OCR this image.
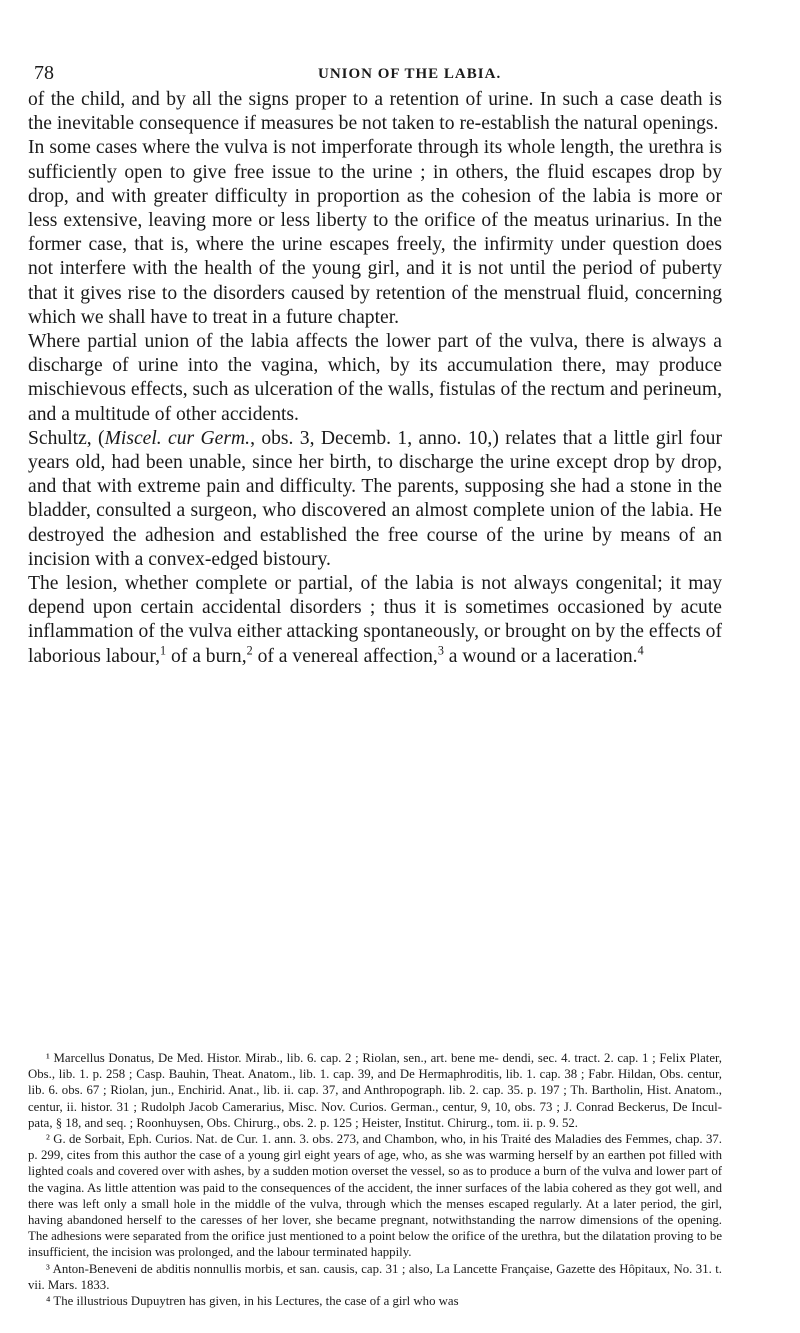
78	UNION OF THE LABIA.

of the child, and by all the signs proper to a retention of urine. In such a case death is the inevitable consequence if measures be not taken to re-establish the natural openings.

In some cases where the vulva is not imperforate through its whole length, the urethra is sufficiently open to give free issue to the urine ; in others, the fluid escapes drop by drop, and with greater difficulty in proportion as the cohesion of the labia is more or less extensive, leaving more or less liberty to the orifice of the meatus urinarius. In the former case, that is, where the urine escapes freely, the infirmity under question does not interfere with the health of the young girl, and it is not until the period of puberty that it gives rise to the disorders caused by retention of the menstrual fluid, concerning which we shall have to treat in a future chapter.

Where partial union of the labia affects the lower part of the vulva, there is always a discharge of urine into the vagina, which, by its accumulation there, may produce mischievous effects, such as ulceration of the walls, fistulas of the rectum and perineum, and a multitude of other accidents.

Schultz, (Miscel. cur Germ., obs. 3, Decemb. 1, anno. 10,) relates that a little girl four years old, had been unable, since her birth, to discharge the urine except drop by drop, and that with extreme pain and difficulty. The parents, supposing she had a stone in the bladder, consulted a surgeon, who discovered an almost complete union of the labia. He destroyed the adhesion and established the free course of the urine by means of an incision with a convex-edged bistoury.

The lesion, whether complete or partial, of the labia is not always congenital; it may depend upon certain accidental disorders ; thus it is sometimes occasioned by acute inflammation of the vulva either attacking spontaneously, or brought on by the effects of laborious labour,$^1$ of a burn,$^2$ of a venereal affection,$^3$ a wound or a laceration.$^4$

¹ Marcellus Donatus, De Med. Histor. Mirab., lib. 6. cap. 2 ; Riolan, sen., art. bene me- dendi, sec. 4. tract. 2. cap. 1 ; Felix Plater, Obs., lib. 1. p. 258 ; Casp. Bauhin, Theat. Anatom., lib. 1. cap. 39, and De Hermaphroditis, lib. 1. cap. 38 ; Fabr. Hildan, Obs. centur, lib. 6. obs. 67 ; Riolan, jun., Enchirid. Anat., lib. ii. cap. 37, and Anthropograph. lib. 2. cap. 35. p. 197 ; Th. Bartholin, Hist. Anatom., centur, ii. histor. 31 ; Rudolph Jacob Camerarius, Misc. Nov. Curios. German., centur, 9, 10, obs. 73 ; J. Conrad Beckerus, De Incul- pata, § 18, and seq. ; Roonhuysen, Obs. Chirurg., obs. 2. p. 125 ; Heister, Institut. Chirurg., tom. ii. p. 9. 52.

² G. de Sorbait, Eph. Curios. Nat. de Cur. 1. ann. 3. obs. 273, and Chambon, who, in his Traité des Maladies des Femmes, chap. 37. p. 299, cites from this author the case of a young girl eight years of age, who, as she was warming herself by an earthen pot filled with lighted coals and covered over with ashes, by a sudden motion overset the vessel, so as to produce a burn of the vulva and lower part of the vagina. As little attention was paid to the consequences of the accident, the inner surfaces of the labia cohered as they got well, and there was left only a small hole in the middle of the vulva, through which the menses escaped regularly. At a later period, the girl, having abandoned herself to the caresses of her lover, she became pregnant, notwithstanding the narrow dimensions of the opening. The adhesions were separated from the orifice just mentioned to a point below the orifice of the urethra, but the dilatation proving to be insufficient, the incision was prolonged, and the labour terminated happily.

³ Anton-Beneveni de abditis nonnullis morbis, et san. causis, cap. 31 ; also, La Lancette Française, Gazette des Hôpitaux, No. 31. t. vii. Mars. 1833.

⁴ The illustrious Dupuytren has given, in his Lectures, the case of a girl who was
